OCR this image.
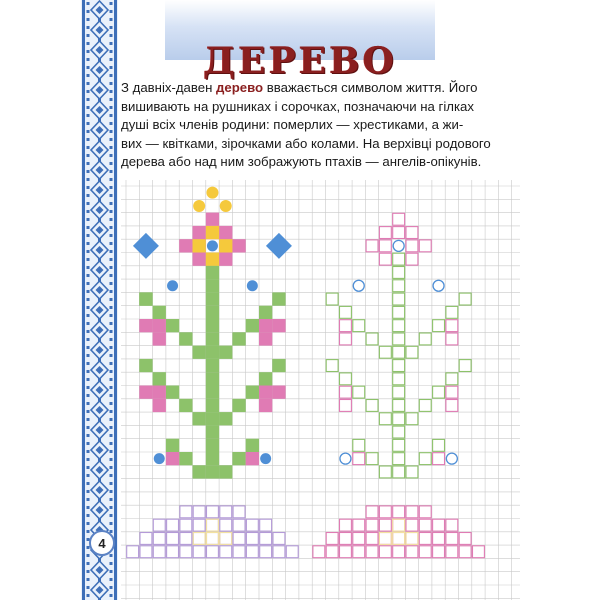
ДЕРЕВО
З давніх-давен дерево вважається символом життя. Його
вишивають на рушниках і сорочках, позначаючи на гілках
душі всіх членів родини: померлих — хрестиками, а жи-
вих — квітками, зірочками або колами. На верхівці родового
дерева або над ним зображують птахів — ангелів-опікунів.
4
